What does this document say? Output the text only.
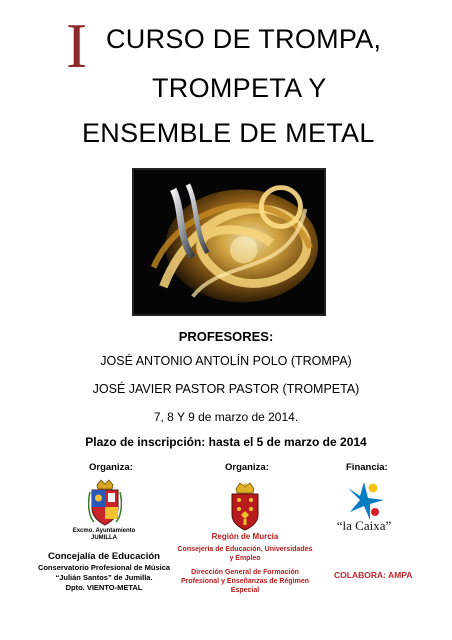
I CURSO DE TROMPA,
TROMPETA Y
ENSEMBLE DE METAL
PROFESORES:
JOSÉ ANTONIO ANTOLÍN POLO (TROMPA)
JOSÉ JAVIER PASTOR PASTOR (TROMPETA)
7, 8 Y 9 de marzo de 2014.
Plazo de inscripción: hasta el 5 de marzo de 2014
Organiza:	Organiza:	Financia:
Excmo. Ayuntamiento
JUMILLA
Concejalía de Educación
Conservatorio Profesional de Música
“Julián Santos” de Jumilla.
Dpto. VIENTO-METAL
Región de Murcia
Consejería de Educación, Universidades
y Empleo
Dirección General de Formación
Profesional y Enseñanzas de Régimen
Especial
“la Caixa”
COLABORA: AMPA
